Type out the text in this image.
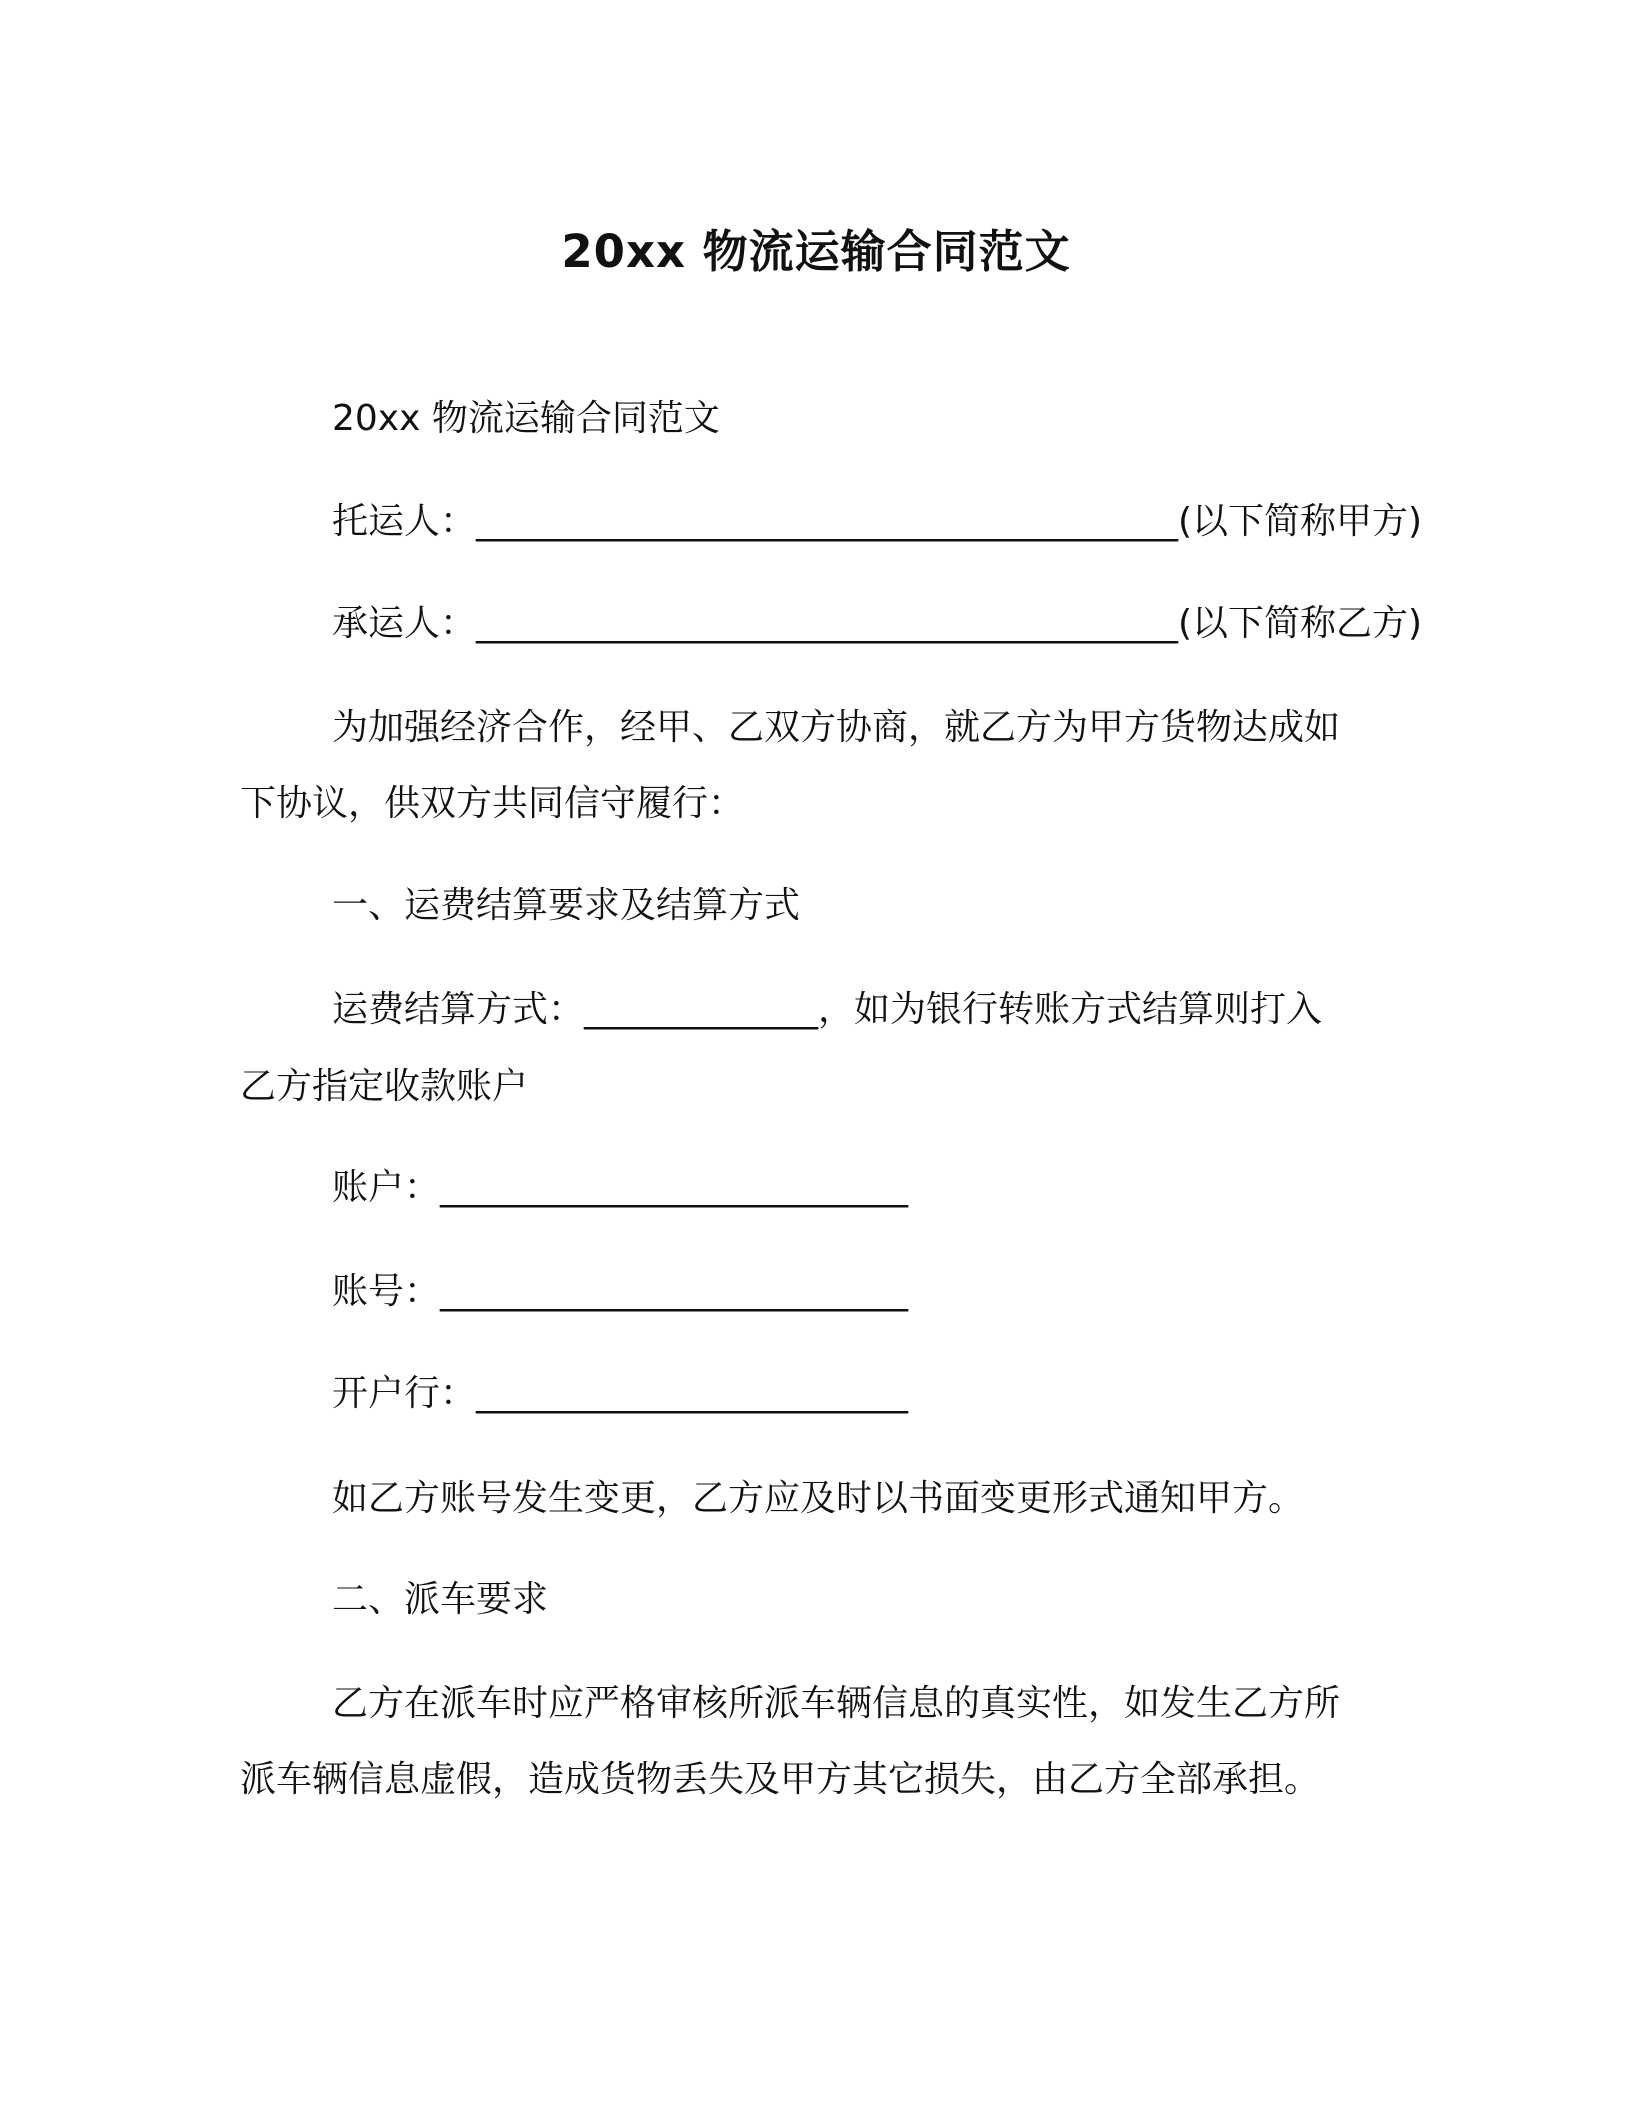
20xx 物流运输合同范文

20xx 物流运输合同范文

托运人：_______________________________________(以下简称甲方)

承运人：_______________________________________(以下简称乙方)

为加强经济合作，经甲、乙双方协商，就乙方为甲方货物达成如

下协议，供双方共同信守履行：

一、运费结算要求及结算方式

运费结算方式：_____________，如为银行转账方式结算则打入

乙方指定收款账户

账户：__________________________

账号：__________________________

开户行：________________________

如乙方账号发生变更，乙方应及时以书面变更形式通知甲方。

二、派车要求

乙方在派车时应严格审核所派车辆信息的真实性，如发生乙方所

派车辆信息虚假，造成货物丢失及甲方其它损失，由乙方全部承担。
